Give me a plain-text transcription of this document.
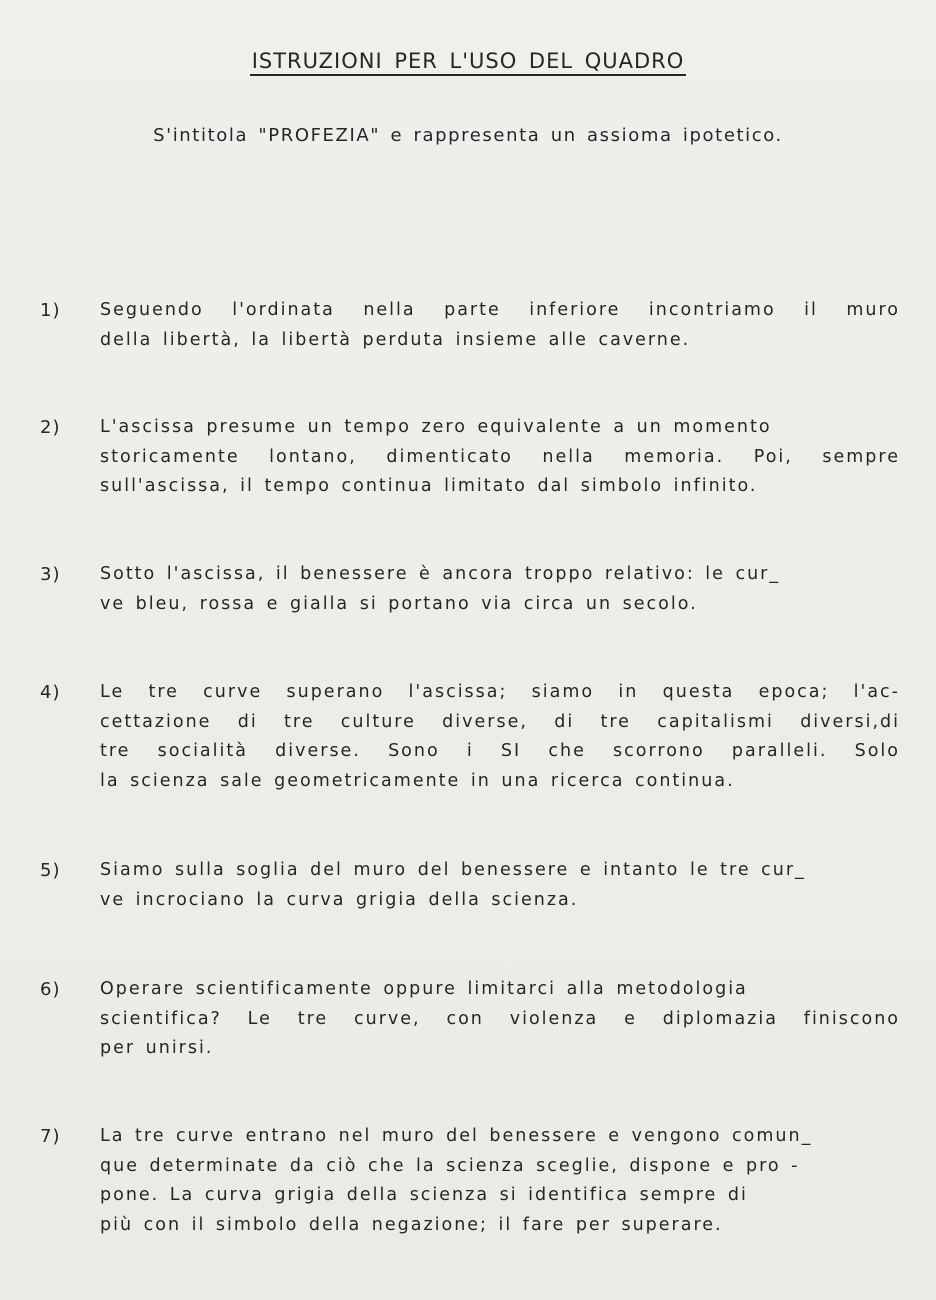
ISTRUZIONI PER L'USO DEL QUADRO
S'intitola "PROFEZIA" e rappresenta un assioma ipotetico.
1)	Seguendo l'ordinata nella parte inferiore incontriamo il muro
della libertà, la libertà perduta insieme alle caverne.
2)	L'ascissa presume un tempo zero equivalente a un momento
storicamente lontano, dimenticato nella memoria. Poi, sempre
sull'ascissa, il tempo continua limitato dal simbolo infinito.
3)	Sotto l'ascissa, il benessere è ancora troppo relativo: le cur_
ve bleu, rossa e gialla si portano via circa un secolo.
4)	Le tre curve superano l'ascissa; siamo in questa epoca; l'ac-
cettazione di tre culture diverse, di tre capitalismi diversi,di
tre socialità diverse. Sono i SI che scorrono paralleli. Solo
la scienza sale geometricamente in una ricerca continua.
5)	Siamo sulla soglia del muro del benessere e intanto le tre cur_
ve incrociano la curva grigia della scienza.
6)	Operare scientificamente oppure limitarci alla metodologia
scientifica? Le tre curve, con violenza e diplomazia finiscono
per unirsi.
7)	La tre curve entrano nel muro del benessere e vengono comun_
que determinate da ciò che la scienza sceglie, dispone e pro -
pone. La curva grigia della scienza si identifica sempre di
più con il simbolo della negazione; il fare per superare.
